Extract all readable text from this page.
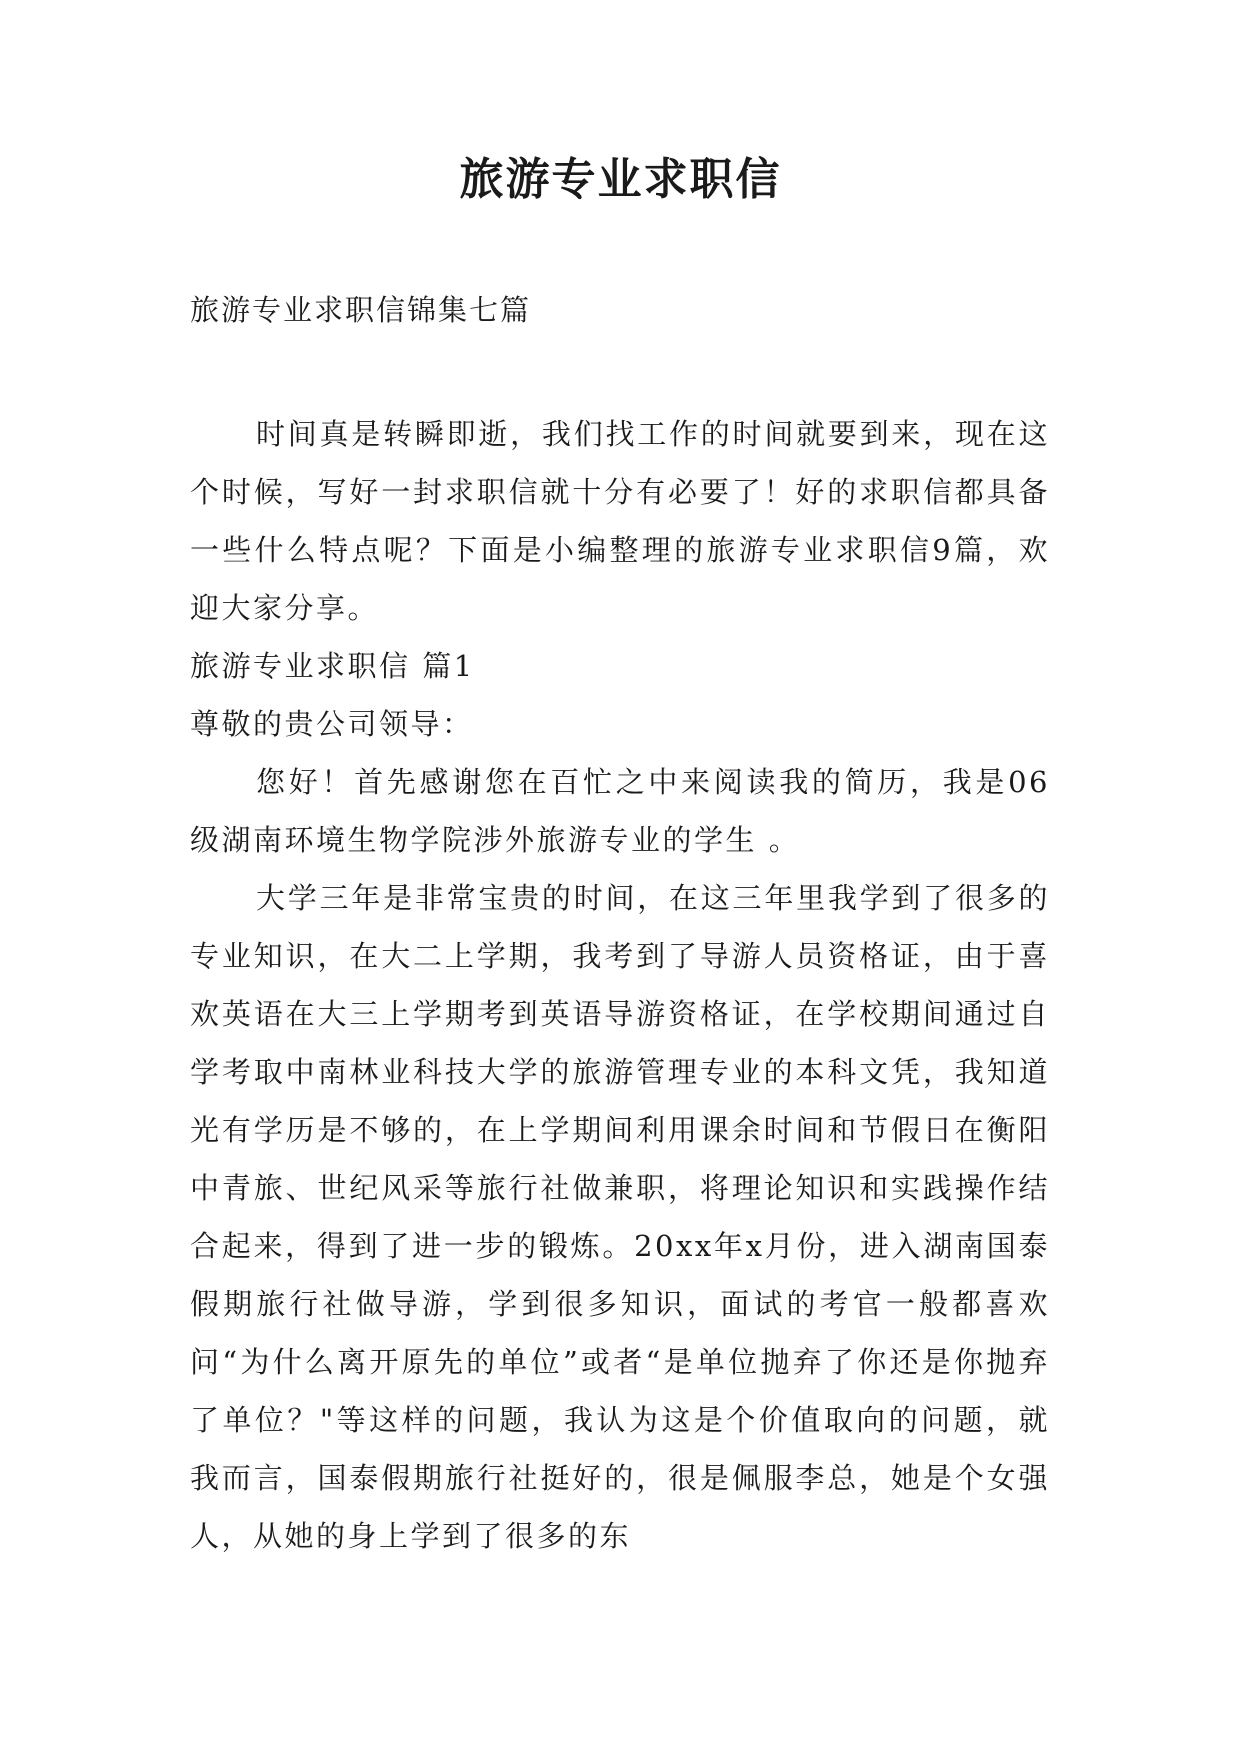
旅游专业求职信

旅游专业求职信锦集七篇

时间真是转瞬即逝，我们找工作的时间就要到来，现在这个时候，写好一封求职信就十分有必要了！好的求职信都具备一些什么特点呢？下面是小编整理的旅游专业求职信9篇，欢迎大家分享。

旅游专业求职信 篇1

尊敬的贵公司领导：

您好！首先感谢您在百忙之中来阅读我的简历，我是06级湖南环境生物学院涉外旅游专业的学生 。

大学三年是非常宝贵的时间，在这三年里我学到了很多的专业知识，在大二上学期，我考到了导游人员资格证，由于喜欢英语在大三上学期考到英语导游资格证，在学校期间通过自学考取中南林业科技大学的旅游管理专业的本科文凭，我知道光有学历是不够的，在上学期间利用课余时间和节假日在衡阳中青旅、世纪风采等旅行社做兼职，将理论知识和实践操作结合起来，得到了进一步的锻炼。20xx年x月份，进入湖南国泰假期旅行社做导游，学到很多知识，面试的考官一般都喜欢问“为什么离开原先的单位”或者“是单位抛弃了你还是你抛弃了单位？"等这样的问题，我认为这是个价值取向的问题，就我而言，国泰假期旅行社挺好的，很是佩服李总，她是个女强人，从她的身上学到了很多的东
